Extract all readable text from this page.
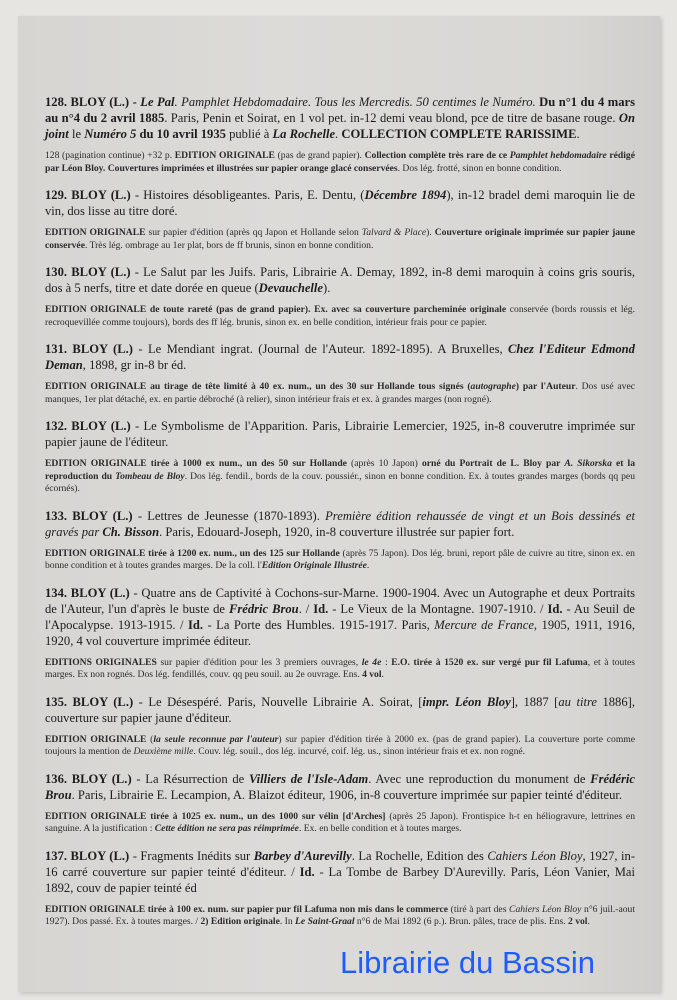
128. BLOY (L.) - Le Pal. Pamphlet Hebdomadaire. Tous les Mercredis. 50 centimes le Numéro. Du n°1 du 4 mars au n°4 du 2 avril 1885. Paris, Penin et Soirat, en 1 vol pet. in-12 demi veau blond, pce de titre de basane rouge. On joint le Numéro 5 du 10 avril 1935 publié à La Rochelle. COLLECTION COMPLETE RARISSIME.

128 (pagination continue) +32 p. EDITION ORIGINALE (pas de grand papier). Collection complète très rare de ce Pamphlet hebdomadaire rédigé par Léon Bloy. Couvertures imprimées et illustrées sur papier orange glacé conservées. Dos lég. frotté, sinon en bonne condition.

129. BLOY (L.) - Histoires désobligeantes. Paris, E. Dentu, (Décembre 1894), in-12 bradel demi maroquin lie de vin, dos lisse au titre doré.

EDITION ORIGINALE sur papier d'édition (après qq Japon et Hollande selon Talvard & Place). Couverture originale imprimée sur papier jaune conservée. Très lég. ombrage au 1er plat, bors de ff brunis, sinon en bonne condition.

130. BLOY (L.) - Le Salut par les Juifs. Paris, Librairie A. Demay, 1892, in-8 demi maroquin à coins gris souris, dos à 5 nerfs, titre et date dorée en queue (Devauchelle).

EDITION ORIGINALE de toute rareté (pas de grand papier). Ex. avec sa couverture parcheminée originale conservée (bords roussis et lég. recroquevillée comme toujours), bords des ff lég. brunis, sinon ex. en belle condition, intérieur frais pour ce papier.

131. BLOY (L.) - Le Mendiant ingrat. (Journal de l'Auteur. 1892-1895). A Bruxelles, Chez l'Editeur Edmond Deman, 1898, gr in-8 br éd.

EDITION ORIGINALE au tirage de tête limité à 40 ex. num., un des 30 sur Hollande tous signés (autographe) par l'Auteur. Dos usé avec manques, 1er plat détaché, ex. en partie débroché (à relier), sinon intérieur frais et ex. à grandes marges (non rogné).

132. BLOY (L.) - Le Symbolisme de l'Apparition. Paris, Librairie Lemercier, 1925, in-8 couverutre imprimée sur papier jaune de l'éditeur.

EDITION ORIGINALE tirée à 1000 ex num., un des 50 sur Hollande (après 10 Japon) orné du Portrait de L. Bloy par A. Sikorska et la reproduction du Tombeau de Bloy. Dos lég. fendil., bords de la couv. poussiér., sinon en bonne condition. Ex. à toutes grandes marges (bords qq peu écornés).

133. BLOY (L.) - Lettres de Jeunesse (1870-1893). Première édition rehaussée de vingt et un Bois dessinés et gravés par Ch. Bisson. Paris, Edouard-Joseph, 1920, in-8 couverture illustrée sur papier fort.

EDITION ORIGINALE tirée à 1200 ex. num., un des 125 sur Hollande (après 75 Japon). Dos lég. bruni, report pâle de cuivre au titre, sinon ex. en bonne condition et à toutes grandes marges. De la coll. l'Edition Originale Illustrée.

134. BLOY (L.) - Quatre ans de Captivité à Cochons-sur-Marne. 1900-1904. Avec un Autographe et deux Portraits de l'Auteur, l'un d'après le buste de Frédric Brou. / Id. - Le Vieux de la Montagne. 1907-1910. / Id. - Au Seuil de l'Apocalypse. 1913-1915. / Id. - La Porte des Humbles. 1915-1917. Paris, Mercure de France, 1905, 1911, 1916, 1920, 4 vol couverture imprimée éditeur.

EDITIONS ORIGINALES sur papier d'édition pour les 3 premiers ouvrages, le 4e : E.O. tirée à 1520 ex. sur vergé pur fil Lafuma, et à toutes marges. Ex non rognés. Dos lég. fendillés, couv. qq peu souil. au 2e ouvrage. Ens. 4 vol.

135. BLOY (L.) - Le Désespéré. Paris, Nouvelle Librairie A. Soirat, [impr. Léon Bloy], 1887 [au titre 1886], couverture sur papier jaune d'éditeur.

EDITION ORIGINALE (la seule reconnue par l'auteur) sur papier d'édition tirée à 2000 ex. (pas de grand papier). La couverture porte comme toujours la mention de Deuxième mille. Couv. lég. souil., dos lég. incurvé, coif. lég. us., sinon intérieur frais et ex. non rogné.

136. BLOY (L.) - La Résurrection de Villiers de l'Isle-Adam. Avec une reproduction du monument de Frédéric Brou. Paris, Librairie E. Lecampion, A. Blaizot éditeur, 1906, in-8 couverture imprimée sur papier teinté d'éditeur.

EDITION ORIGINALE tirée à 1025 ex. num., un des 1000 sur vélin [d'Arches] (après 25 Japon). Frontispice h-t en héliogravure, lettrines en sanguine. A la justification : Cette édition ne sera pas réimprimée. Ex. en belle condition et à toutes marges.

137. BLOY (L.) - Fragments Inédits sur Barbey d'Aurevilly. La Rochelle, Edition des Cahiers Léon Bloy, 1927, in-16 carré couverture sur papier teinté d'éditeur. / Id. - La Tombe de Barbey D'Aurevilly. Paris, Léon Vanier, Mai 1892, couv de papier teinté éd

EDITION ORIGINALE tirée à 100 ex. num. sur papier pur fil Lafuma non mis dans le commerce (tiré à part des Cahiers Léon Bloy n°6 juil.-aout 1927). Dos passé. Ex. à toutes marges. / 2) Edition originale. In Le Saint-Graal n°6 de Mai 1892 (6 p.). Brun. pâles, trace de plis. Ens. 2 vol.

Librairie du Bassin
